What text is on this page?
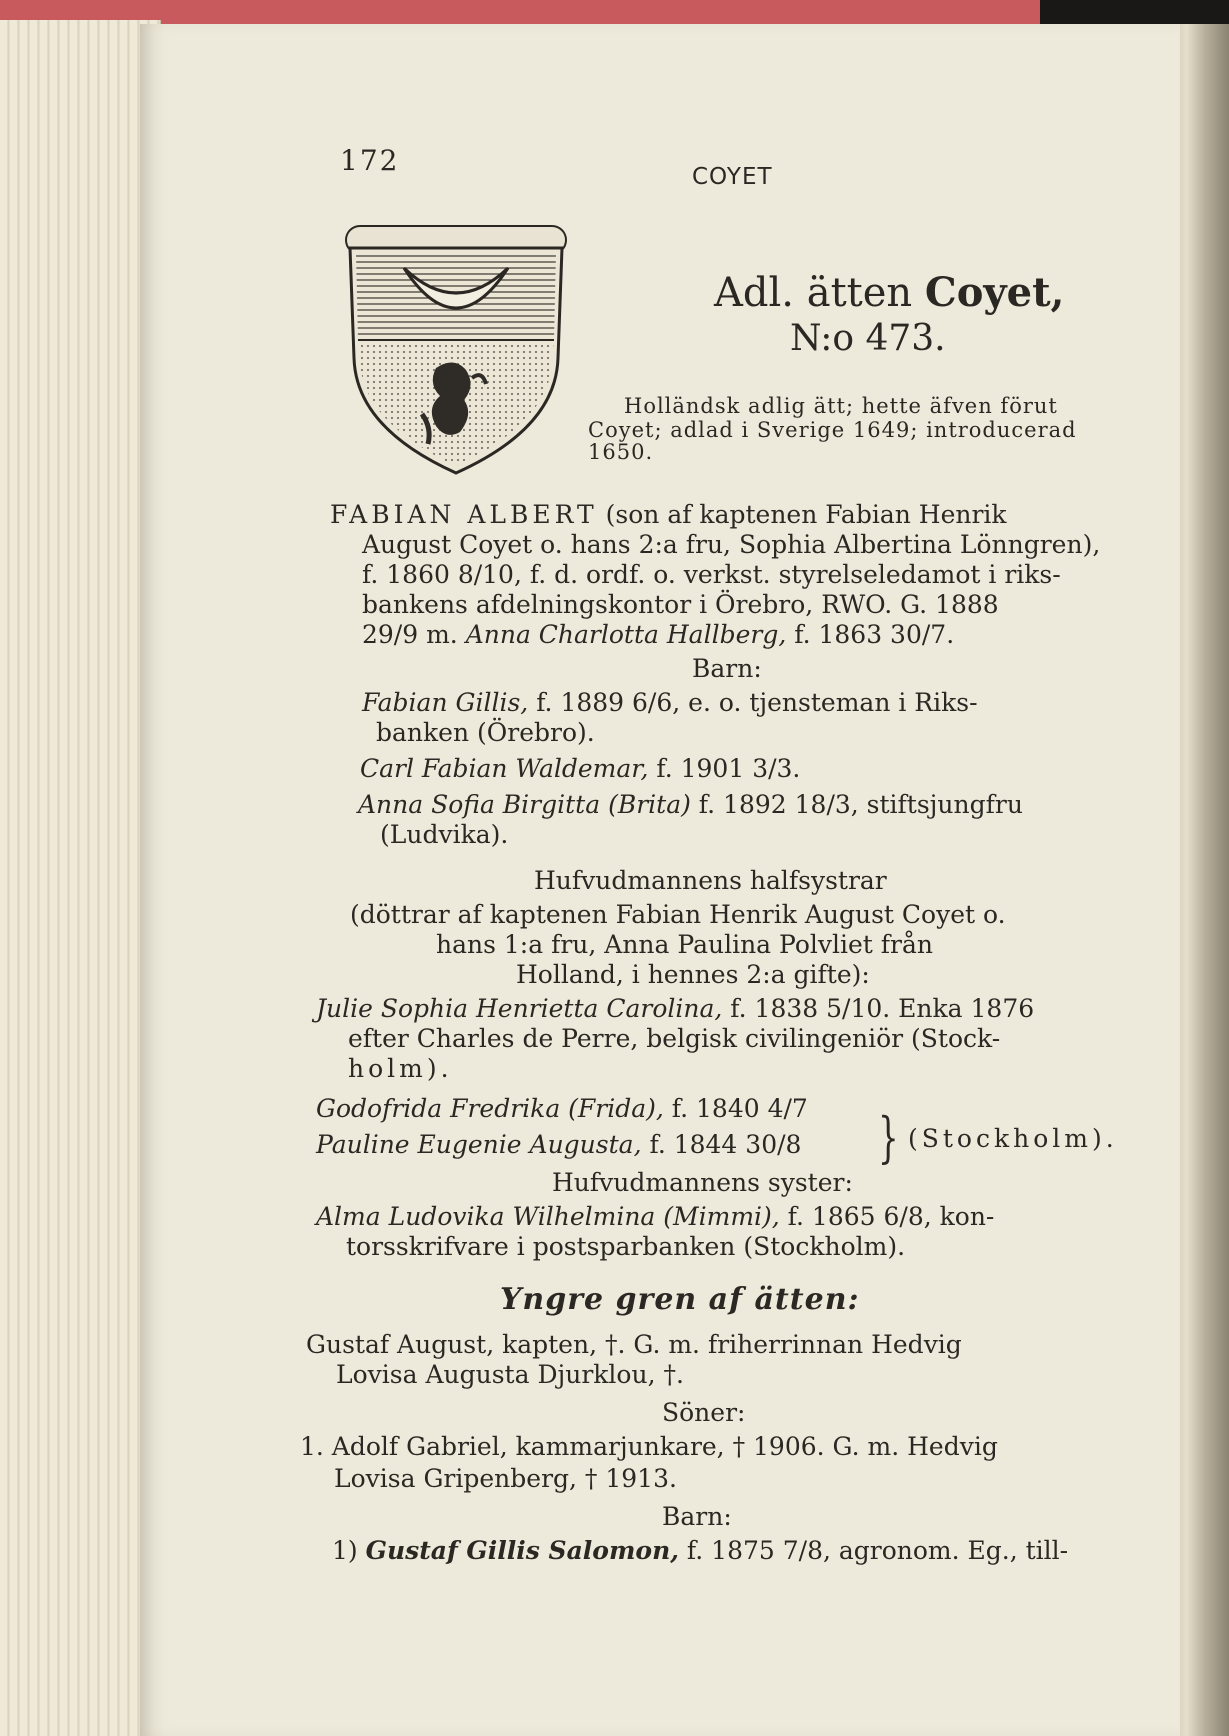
172	COYET
Adl. ätten Coyet,
N:o 473.
Holländsk adlig ätt; hette äfven förut
Coyet; adlad i Sverige 1649; introducerad
1650.
FABIAN ALBERT (son af kaptenen Fabian Henrik
August Coyet o. hans 2:a fru, Sophia Albertina Lönngren),
f. 1860 8/10, f. d. ordf. o. verkst. styrelseledamot i riks-
bankens afdelningskontor i Örebro, RWO. G. 1888
29/9 m. Anna Charlotta Hallberg, f. 1863 30/7.
Barn:
Fabian Gillis, f. 1889 6/6, e. o. tjensteman i Riks-
banken (Örebro).
Carl Fabian Waldemar, f. 1901 3/3.
Anna Sofia Birgitta (Brita) f. 1892 18/3, stiftsjungfru
(Ludvika).
Hufvudmannens halfsystrar
(döttrar af kaptenen Fabian Henrik August Coyet o.
hans 1:a fru, Anna Paulina Polvliet från
Holland, i hennes 2:a gifte):
Julie Sophia Henrietta Carolina, f. 1838 5/10. Enka 1876
efter Charles de Perre, belgisk civilingeniör (Stock-
holm).
Godofrida Fredrika (Frida), f. 1840 4/7
Pauline Eugenie Augusta, f. 1844 30/8 } (Stockholm).
Hufvudmannens syster:
Alma Ludovika Wilhelmina (Mimmi), f. 1865 6/8, kon-
torsskrifvare i postsparbanken (Stockholm).
Yngre gren af ätten:
Gustaf August, kapten, †. G. m. friherrinnan Hedvig
Lovisa Augusta Djurklou, †.
Söner:
1. Adolf Gabriel, kammarjunkare, † 1906. G. m. Hedvig
Lovisa Gripenberg, † 1913.
Barn:
1) Gustaf Gillis Salomon, f. 1875 7/8, agronom. Eg., till-
